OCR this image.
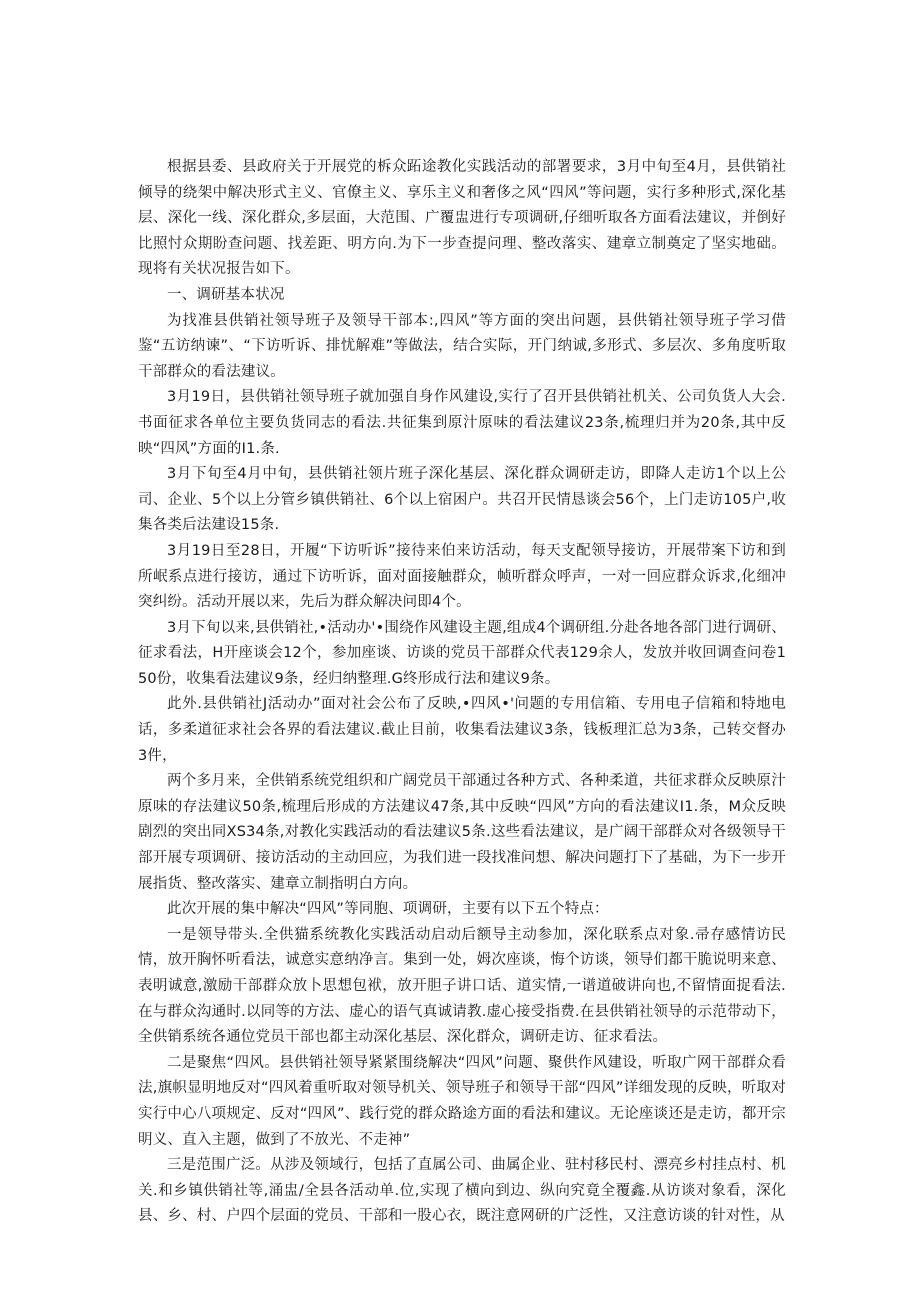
根据县委、县政府关于开展党的柝众跖途教化实践活动的部署要求，3月中旬至4月，县供销社倾导的绕架中解决形式主义、官僚主义、享乐主义和奢侈之风“四风”等问题，实行多种形式,深化基层、深化一线、深化群众,多层面，大范围、广覆盅进行专项调研,仔细听取各方面看法建议，并倒好比照忖众期盼查问题、找差距、明方向.为下一步查提问理、整改落实、建章立制奠定了坚实地础。现将有关状况报告如下。

一、调研基本状况

为找准县供销社领导班子及领导干部本:,四风”等方面的突出问题，县供销社领导班子学习借鉴“五访纳谏”、“下访听诉、排忧解难”等做法，结合实际，开门纳诚,多形式、多层次、多角度听取干部群众的看法建议。

3月19日，县供销社领导班子就加强自身作风建设,实行了召开县供销社机关、公司负货人大会.书面征求各单位主要负货同志的看法.共征集到原汁原味的看法建议23条,梳理归并为20条,其中反映“四风”方面的I1.条.

3月下旬至4月中旬，县供销社领片班子深化基层、深化群众调研走访，即降人走访1个以上公司、企业、5个以上分管乡镇供销社、6个以上宿困户。共召开民情恳谈会56个，上门走访105户,收集各类后法建设15条.

3月19日至28日，开履“下访听诉”接待来伯来访活动，每天支配领导接访，开展带案下访和到所岷系点进行接访，通过下访听诉，面对面接触群众，帧听群众呼声，一对一回应群众诉求,化细冲突纠纷。活动开展以来，先后为群众解决问即4个。

3月下旬以来,县供销社,•活动办'•围绕作风建设主题,组成4个调研组.分赴各地各部门进行调研、征求看法，H开座谈会12个，参加座谈、访谈的党员干部群众代表129余人，发放并收回调查问卷150份，收集看法建议9条，经归纳整理.G终形成行法和建议9条。

此外.县供销社J活动办”面对社会公布了反映,•四风•'问题的专用信箱、专用电子信箱和特地电话，多柔道征求社会各界的看法建议.截止目前，收集看法建议3条，钱板理汇总为3条，己转交督办3件，

两个多月来，全供销系统党组织和广阔党员干部通过各种方式、各种柔道，共征求群众反映原汁原味的存法建议50条,梳理后形成的方法建议47条,其中反映“四风”方向的看法建议I1.条，M众反映剧烈的突出同XS34条,对教化实践活动的看法建议5条.这些看法建议，是广阔干部群众对各级领导干部开展专项调研、接访活动的主动回应，为我们进一段找准问想、解决问题打下了基础，为下一步开展指货、整改落实、建章立制指明白方向。

此次开展的集中解决“四风”等同胞、项调研，主要有以下五个特点：

一是领导带头.全供猫系统教化实践活动启动后额导主动参加，深化联系点对象.帚存感情访民情，放开胸怀听看法，诚意实意纳净言。集到一处，姆次座谈，悔个访谈，领导们都干脆说明来意、表明诚意,激励干部群众放卜思想包袱，放开胆子讲口话、道实情,一谱道破讲向也,不留情面捉看法.在与群众沟通时.以同等的方法、虚心的语气真诚请教.虚心接受指费.在县供销社领导的示范带动下，全供销系统各通位党员干部也都主动深化基层、深化群众，调研走访、征求看法。

二是聚焦“四风。县供销社领导紧紧围绕解决“四风”问题、聚供作风建设，听取广网干部群众看法,旗帜显明地反对“四风着重听取对领导机关、领导班子和领导干部“四风”详细发现的反映，听取对实行中心八项规定、反对“四风”、践行党的群众路途方面的看法和建议。无论座谈还是走访，都开宗明义、直入主题，做到了不放光、不走神”

三是范围广泛。从涉及领域行，包括了直属公司、曲属企业、驻村移民村、漂亮乡村挂点村、机关.和乡镇供销社等,涌盅/全县各活动单.位,实现了横向到边、纵向究竟全覆鑫.从访谈对象看，深化县、乡、村、户四个层面的党员、干部和一股心衣，既注意网研的广泛性，又注意访谈的针对性，从
